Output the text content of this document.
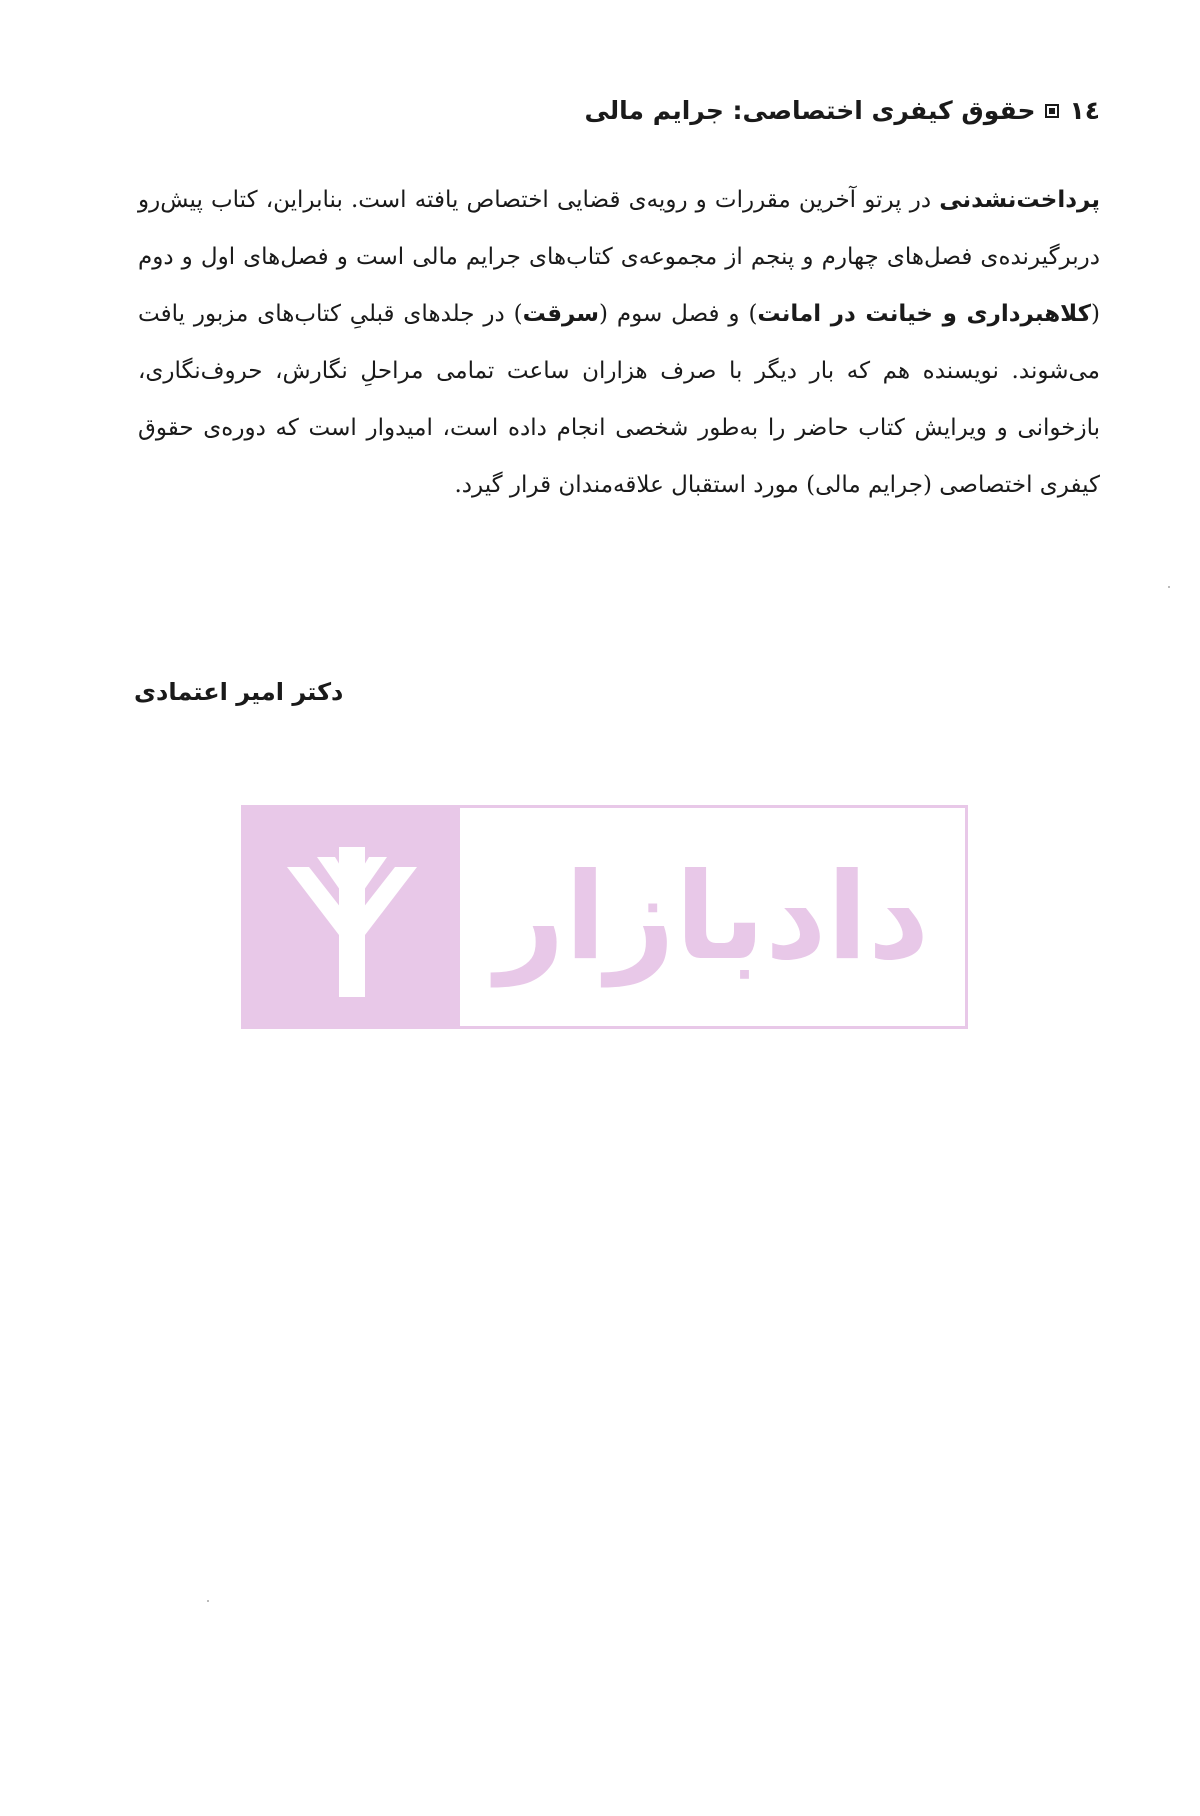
١٤
حقوق کیفری اختصاصی: جرایم مالی

پرداخت‌نشدنی در پرتو آخرین مقررات و رویه‌ی قضایی اختصاص یافته است. بنابراین، کتاب پیش‌رو دربرگیرنده‌ی فصل‌های چهارم و پنجم از مجموعه‌ی کتاب‌های جرایم مالی است و فصل‌های اول و دوم (کلاهبرداری و خیانت در امانت) و فصل سوم (سرقت) در جلدهای قبلیِ کتاب‌های مزبور یافت می‌شوند. نویسنده هم که بار دیگر با صرف هزاران ساعت تمامی مراحلِ نگارش، حروف‌نگاری، بازخوانی و ویرایش کتاب حاضر را به‌طور شخصی انجام داده است، امیدوار است که دوره‌ی حقوق کیفری اختصاصی (جرایم مالی) مورد استقبال علاقه‌مندان قرار گیرد.

دکتر امیر اعتمادی
دادبازار
